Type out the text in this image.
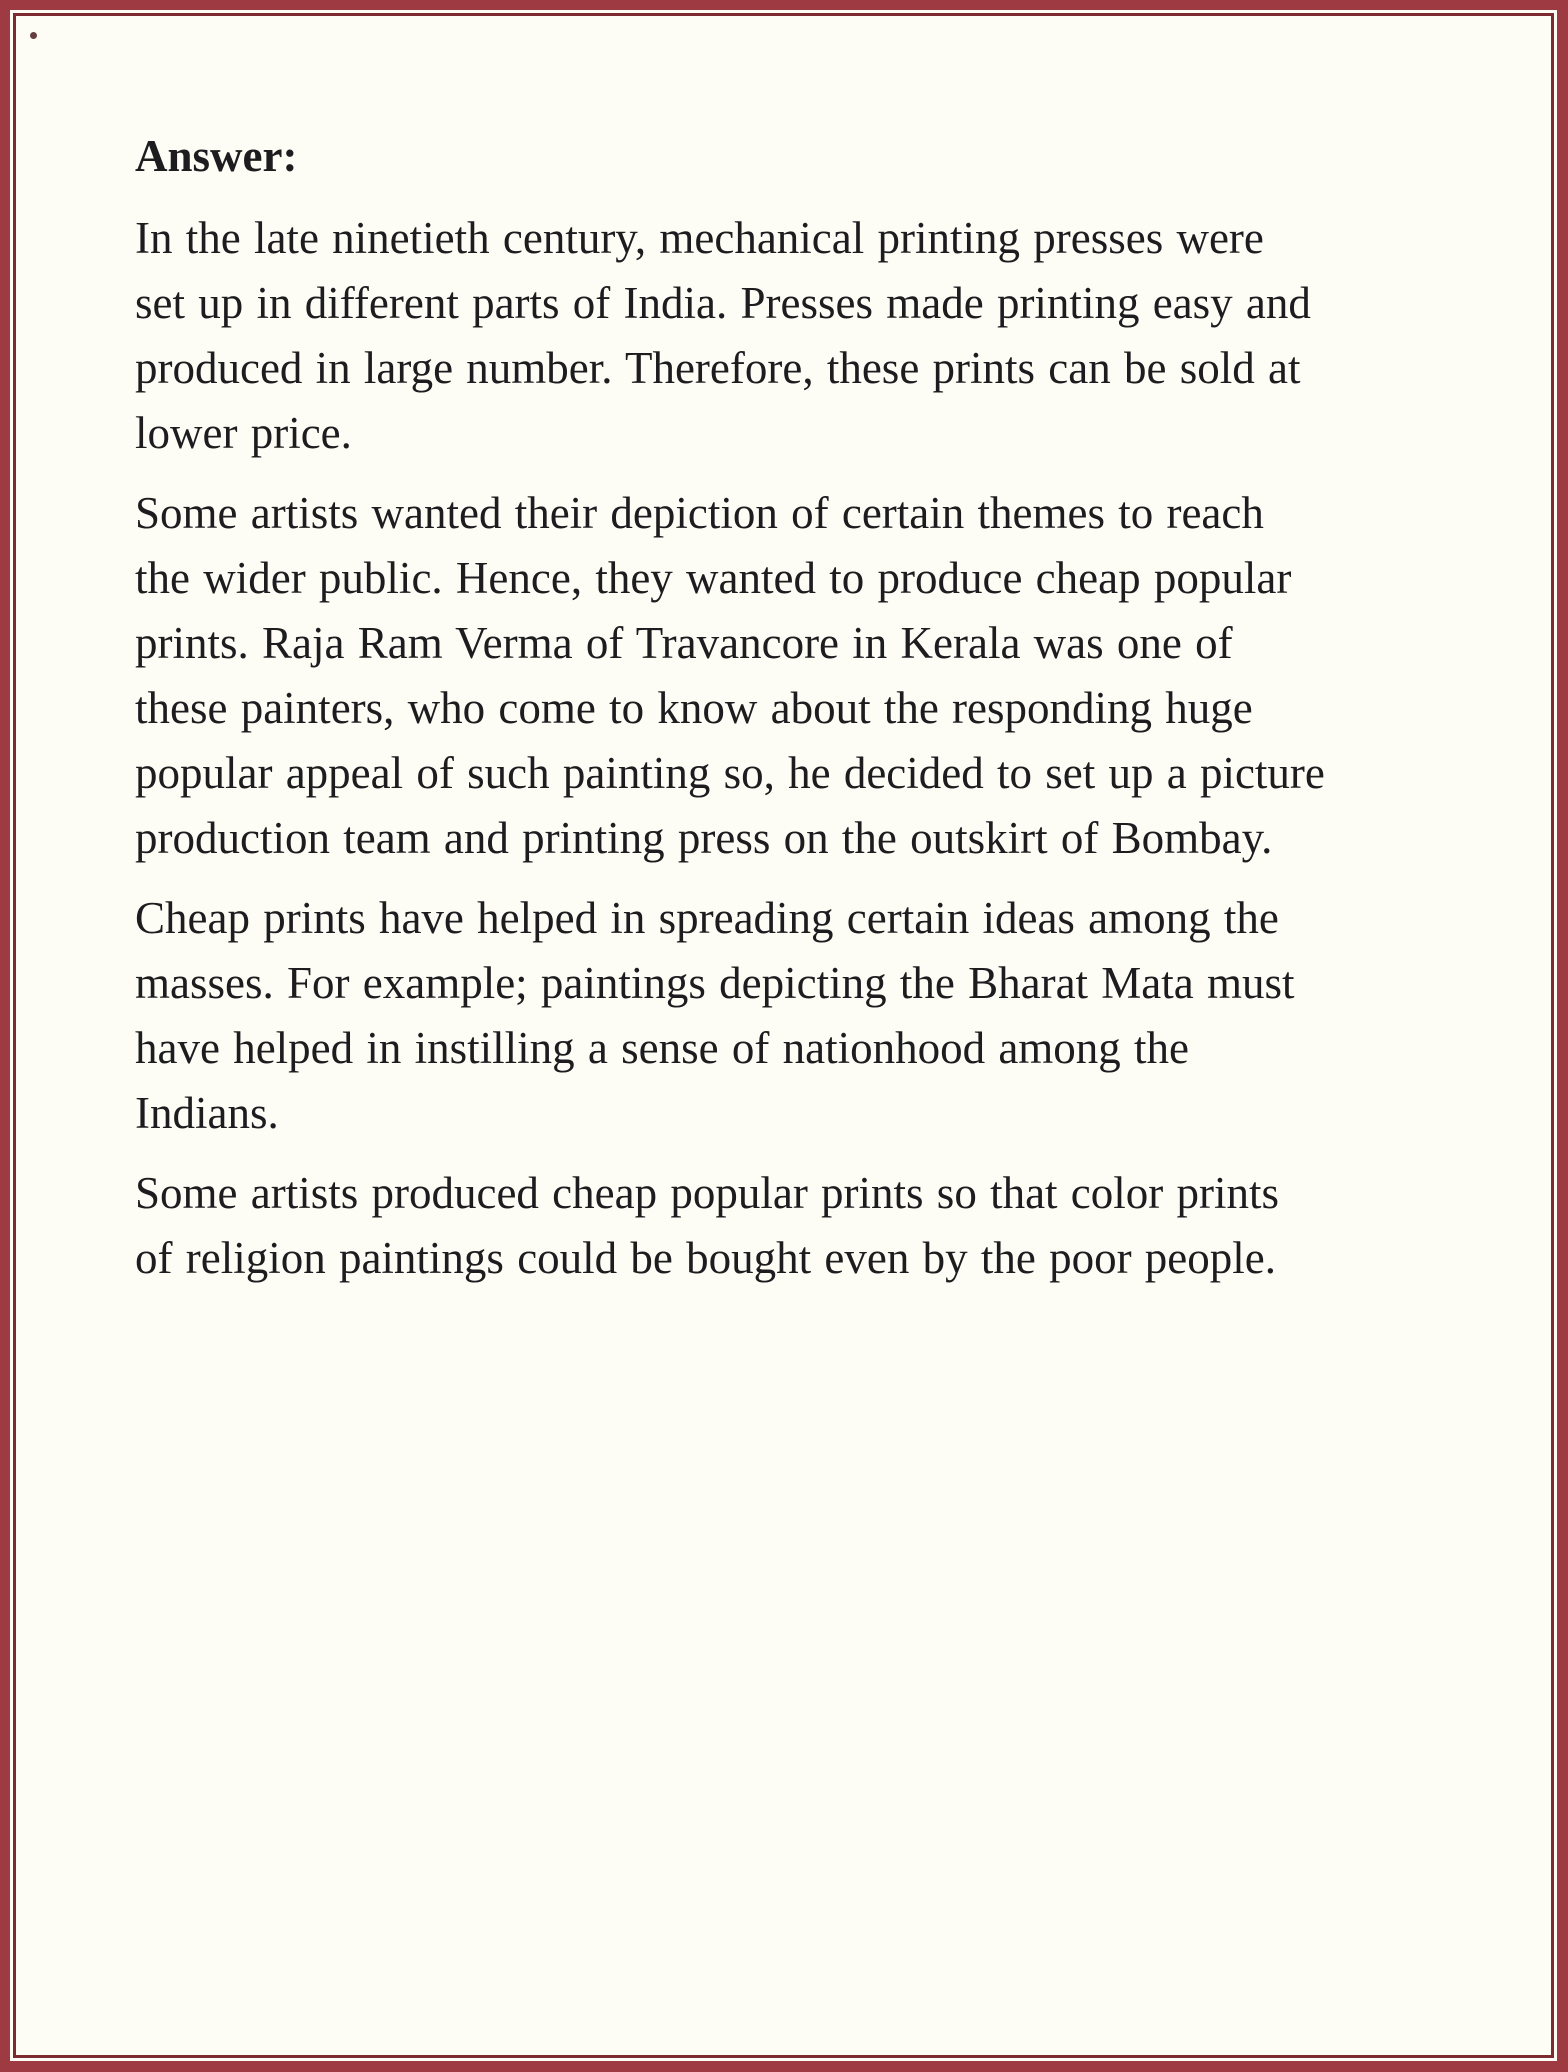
Answer:
In the late ninetieth century, mechanical printing presses were
set up in different parts of India. Presses made printing easy and
produced in large number. Therefore, these prints can be sold at
lower price.
Some artists wanted their depiction of certain themes to reach
the wider public. Hence, they wanted to produce cheap popular
prints. Raja Ram Verma of Travancore in Kerala was one of
these painters, who come to know about the responding huge
popular appeal of such painting so, he decided to set up a picture
production team and printing press on the outskirt of Bombay.
Cheap prints have helped in spreading certain ideas among the
masses. For example; paintings depicting the Bharat Mata must
have helped in instilling a sense of nationhood among the
Indians.
Some artists produced cheap popular prints so that color prints
of religion paintings could be bought even by the poor people.
